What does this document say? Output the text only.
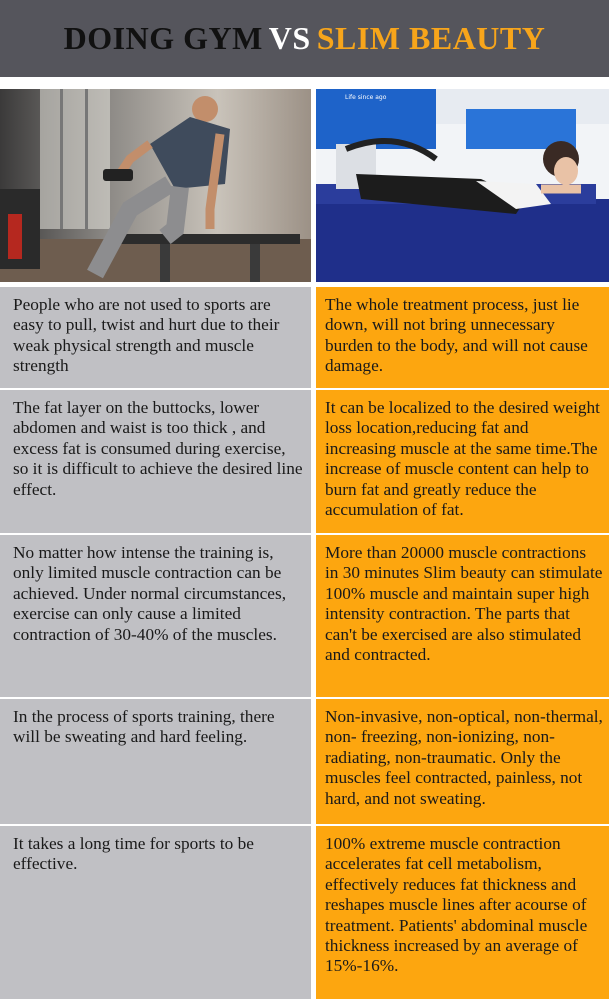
DOING GYM VS SLIM BEAUTY
Life since ago
People who are not used to sports are easy to pull, twist and hurt due to their weak physical strength and muscle strength
The whole treatment process, just lie down, will not bring unnecessary burden to the body, and will not cause damage.
The fat layer on the buttocks, lower abdomen and waist is too thick , and excess fat is consumed during exercise, so it is difficult to achieve the desired line effect.
It can be localized to the desired weight loss location,reducing fat and increasing muscle at the same time.The increase of muscle content can help to burn fat and greatly reduce the accumulation of fat.
No matter how intense the training is, only limited muscle contraction can be achieved. Under normal circumstances, exercise can only cause a limited contraction of 30-40% of the muscles.
More than 20000 muscle contractions in 30 minutes Slim beauty can stimulate 100% muscle and maintain super high intensity contraction. The parts that can't be exercised are also stimulated and contracted.
In the process of sports training, there will be sweating and hard feeling.
Non-invasive, non-optical, non-thermal, non- freezing, non-ionizing, non-radiating, non-traumatic. Only the muscles feel contracted, painless, not hard, and not sweating.
It takes a long time for sports to be effective.
100% extreme muscle contraction accelerates fat cell metabolism, effectively reduces fat thickness and reshapes muscle lines after acourse of treatment. Patients' abdominal muscle thickness increased by an average of 15%-16%.
